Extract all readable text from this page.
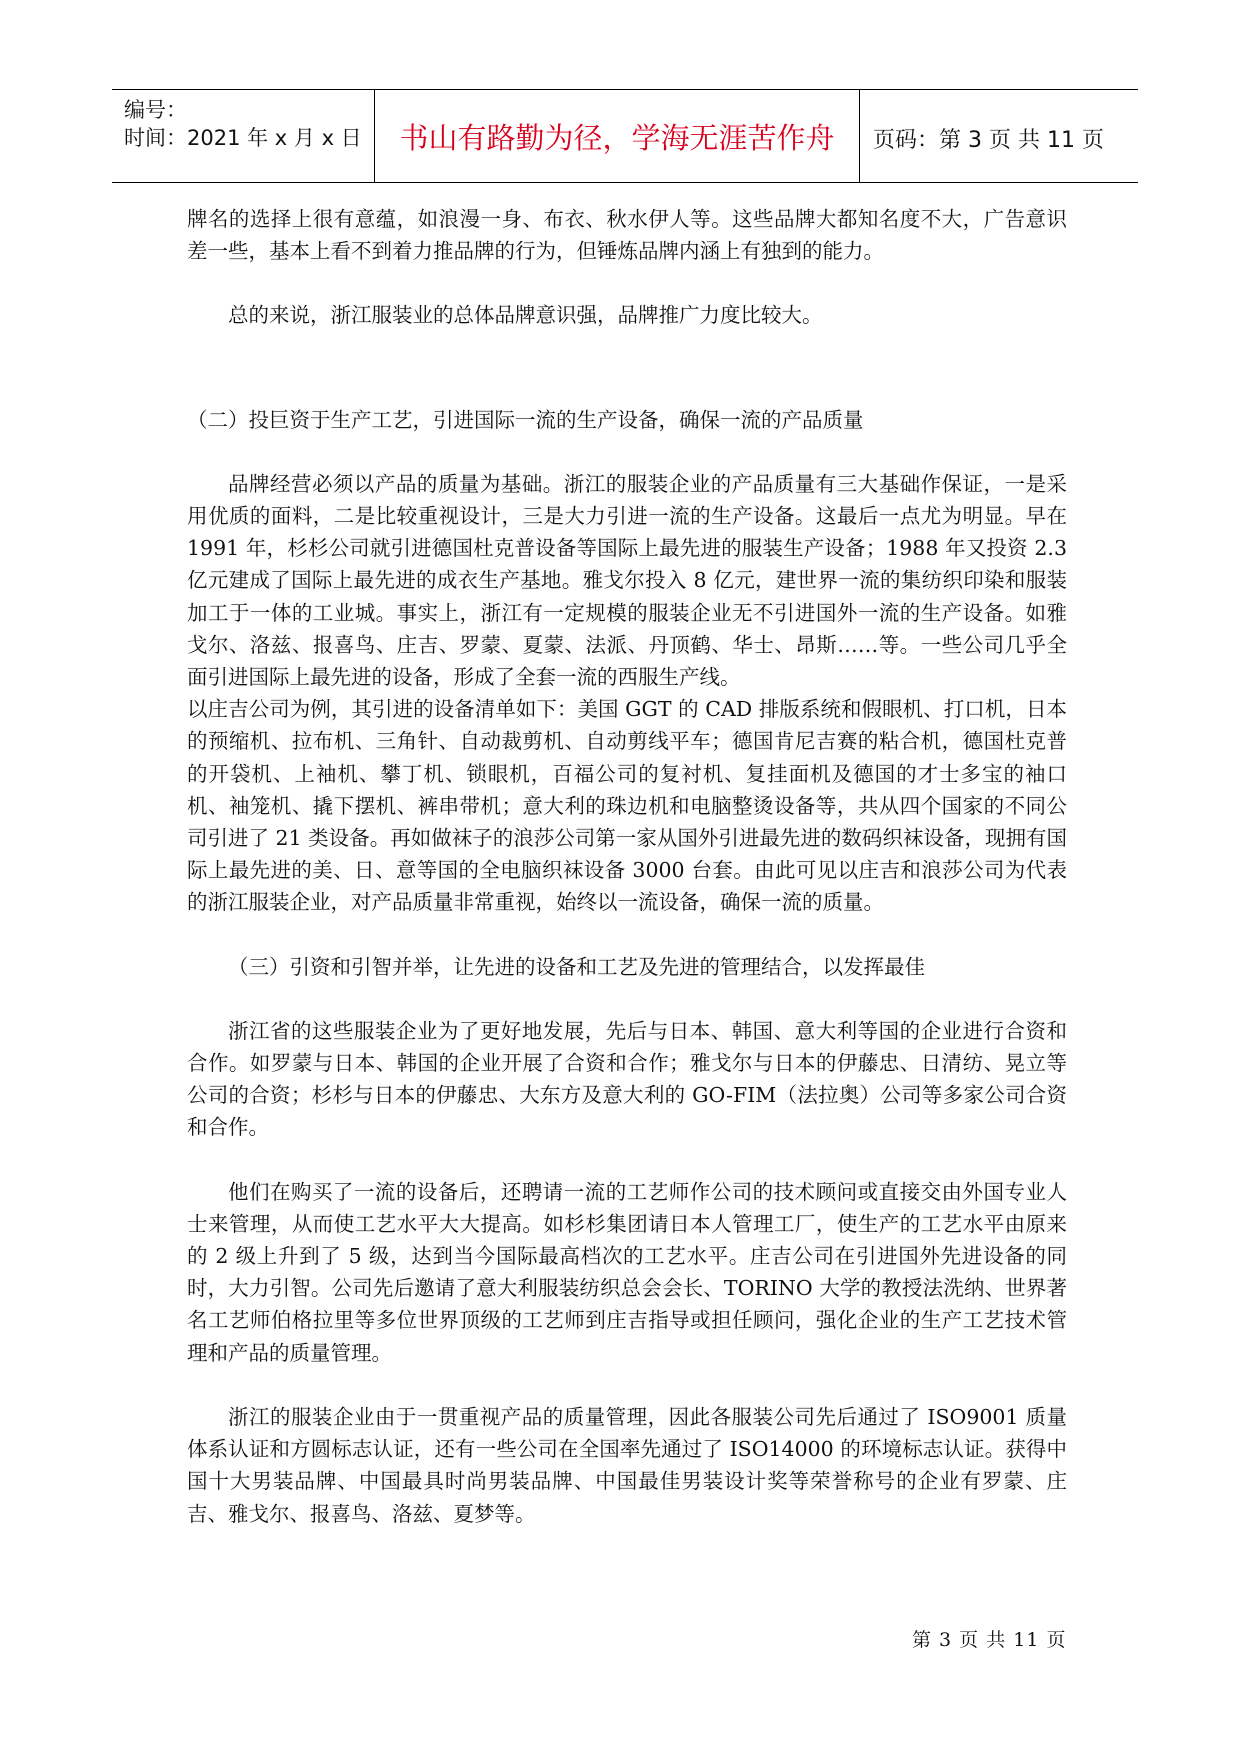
编号：
时间：2021 年 x 月 x 日	书山有路勤为径，学海无涯苦作舟	页码：第 3 页 共 11 页

牌名的选择上很有意蕴，如浪漫一身、布衣、秋水伊人等。这些品牌大都知名度不大，广告意识差一些，基本上看不到着力推品牌的行为，但锤炼品牌内涵上有独到的能力。

总的来说，浙江服装业的总体品牌意识强，品牌推广力度比较大。

（二）投巨资于生产工艺，引进国际一流的生产设备，确保一流的产品质量

品牌经营必须以产品的质量为基础。浙江的服装企业的产品质量有三大基础作保证，一是采用优质的面料，二是比较重视设计，三是大力引进一流的生产设备。这最后一点尤为明显。早在 1991 年，杉杉公司就引进德国杜克普设备等国际上最先进的服装生产设备；1988 年又投资 2.3 亿元建成了国际上最先进的成衣生产基地。雅戈尔投入 8 亿元，建世界一流的集纺织印染和服装加工于一体的工业城。事实上，浙江有一定规模的服装企业无不引进国外一流的生产设备。如雅戈尔、洛兹、报喜鸟、庄吉、罗蒙、夏蒙、法派、丹顶鹤、华士、昂斯……等。一些公司几乎全面引进国际上最先进的设备，形成了全套一流的西服生产线。

以庄吉公司为例，其引进的设备清单如下：美国 GGT 的 CAD 排版系统和假眼机、打口机，日本的预缩机、拉布机、三角针、自动裁剪机、自动剪线平车；德国肯尼吉赛的粘合机，德国杜克普的开袋机、上袖机、攀丁机、锁眼机，百福公司的复衬机、复挂面机及德国的才士多宝的袖口机、袖笼机、撬下摆机、裤串带机；意大利的珠边机和电脑整烫设备等，共从四个国家的不同公司引进了 21 类设备。再如做袜子的浪莎公司第一家从国外引进最先进的数码织袜设备，现拥有国际上最先进的美、日、意等国的全电脑织袜设备 3000 台套。由此可见以庄吉和浪莎公司为代表的浙江服装企业，对产品质量非常重视，始终以一流设备，确保一流的质量。

（三）引资和引智并举，让先进的设备和工艺及先进的管理结合，以发挥最佳

浙江省的这些服装企业为了更好地发展，先后与日本、韩国、意大利等国的企业进行合资和合作。如罗蒙与日本、韩国的企业开展了合资和合作；雅戈尔与日本的伊藤忠、日清纺、晃立等公司的合资；杉杉与日本的伊藤忠、大东方及意大利的 GO-FIM（法拉奥）公司等多家公司合资和合作。

他们在购买了一流的设备后，还聘请一流的工艺师作公司的技术顾问或直接交由外国专业人士来管理，从而使工艺水平大大提高。如杉杉集团请日本人管理工厂，使生产的工艺水平由原来的 2 级上升到了 5 级，达到当今国际最高档次的工艺水平。庄吉公司在引进国外先进设备的同时，大力引智。公司先后邀请了意大利服装纺织总会会长、TORINO 大学的教授法洗纳、世界著名工艺师伯格拉里等多位世界顶级的工艺师到庄吉指导或担任顾问，强化企业的生产工艺技术管理和产品的质量管理。

浙江的服装企业由于一贯重视产品的质量管理，因此各服装公司先后通过了 ISO9001 质量体系认证和方圆标志认证，还有一些公司在全国率先通过了 ISO14000 的环境标志认证。获得中国十大男装品牌、中国最具时尚男装品牌、中国最佳男装设计奖等荣誉称号的企业有罗蒙、庄吉、雅戈尔、报喜鸟、洛兹、夏梦等。

第 3 页 共 11 页
